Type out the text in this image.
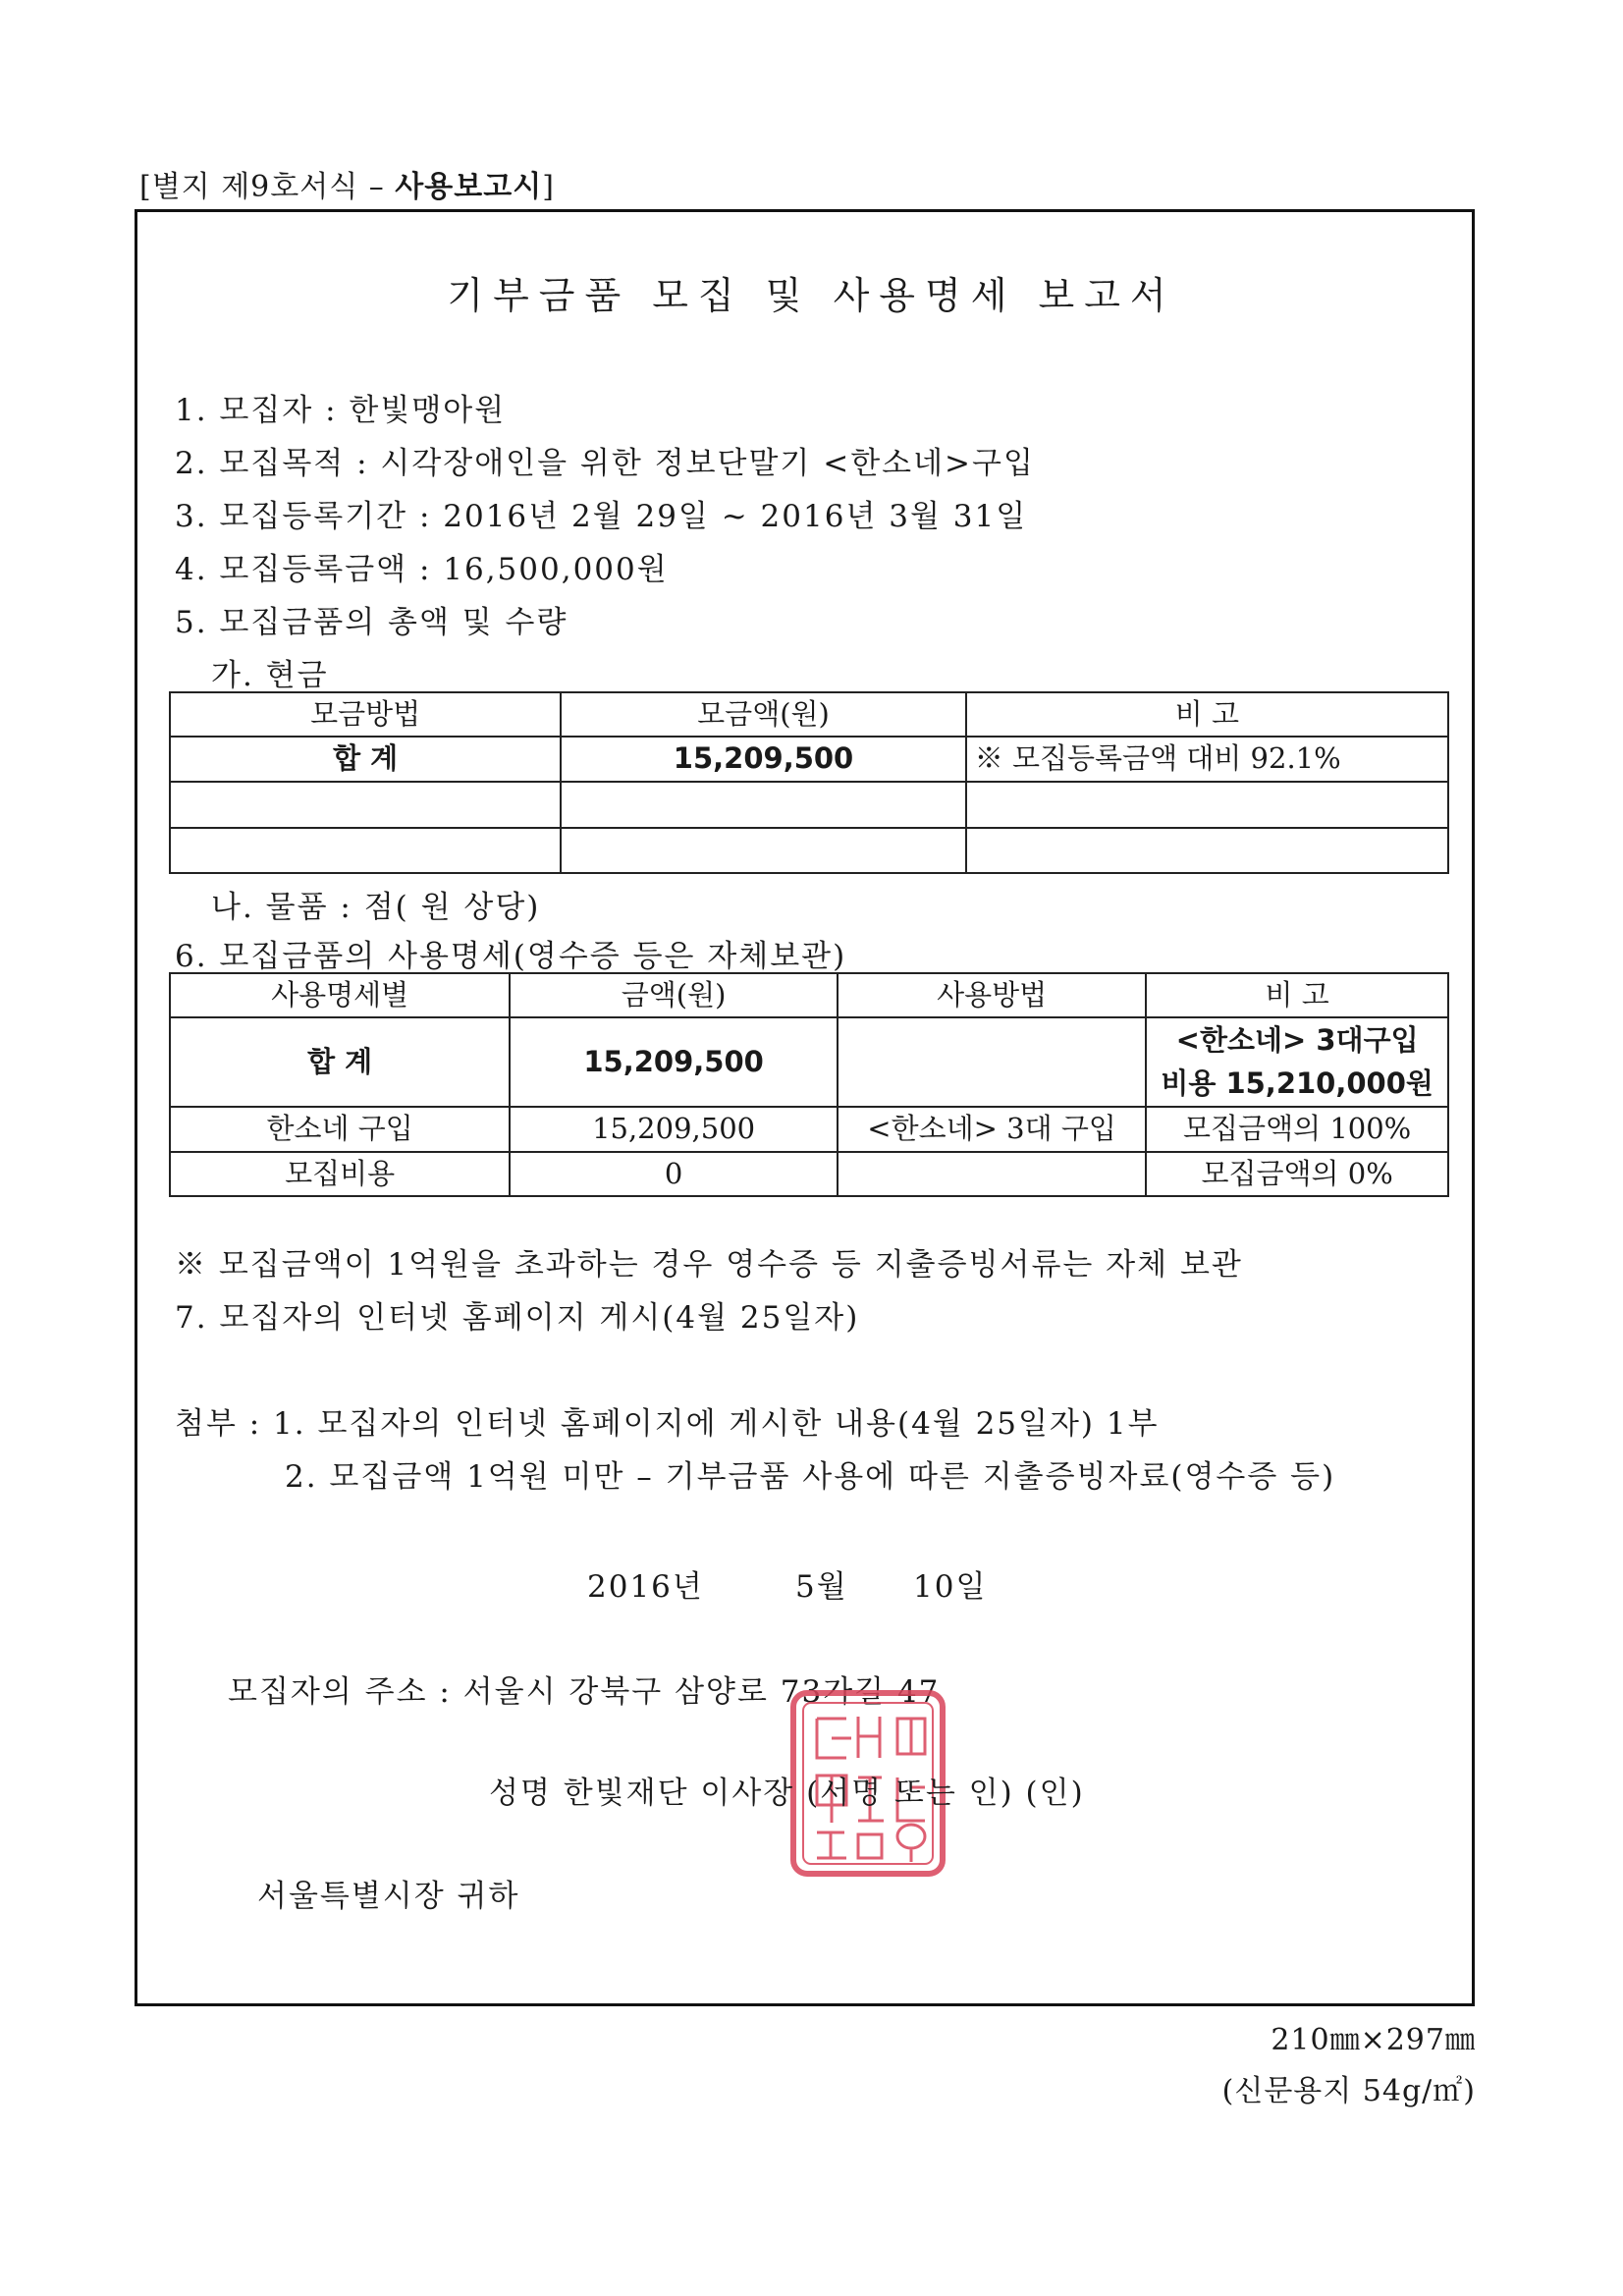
[별지 제9호서식 – 사용보고시]
기부금품 모집 및 사용명세 보고서
1. 모집자 : 한빛맹아원
2. 모집목적 : 시각장애인을 위한 정보단말기 <한소네>구입
3. 모집등록기간 : 2016년 2월 29일 ~ 2016년 3월 31일
4. 모집등록금액 : 16,500,000원
5. 모집금품의 총액 및 수량
가. 현금
모금방법	모금액(원)	비 고
합 계	15,209,500	※ 모집등록금액 대비 92.1%

나. 물품 : 점( 원 상당)
6. 모집금품의 사용명세(영수증 등은 자체보관)
사용명세별	금액(원)	사용방법	비 고
합 계	15,209,500		<한소네> 3대구입
비용 15,210,000원

한소네 구입	15,209,500	<한소네> 3대 구입	모집금액의 100%
모집비용	0		모집금액의 0%
※ 모집금액이 1억원을 초과하는 경우 영수증 등 지출증빙서류는 자체 보관
7. 모집자의 인터넷 홈페이지 게시(4월 25일자)
첨부 : 1. 모집자의 인터넷 홈페이지에 게시한 내용(4월 25일자) 1부
2. 모집금액 1억원 미만 – 기부금품 사용에 따른 지출증빙자료(영수증 등)
2016년	5월 10일
모집자의 주소 : 서울시 강북구 삼양로 73가길 47
성명 한빛재단 이사장 (서명 또는 인) (인)
서울특별시장 귀하
210㎜×297㎜
(신문용지 54g/㎡)
